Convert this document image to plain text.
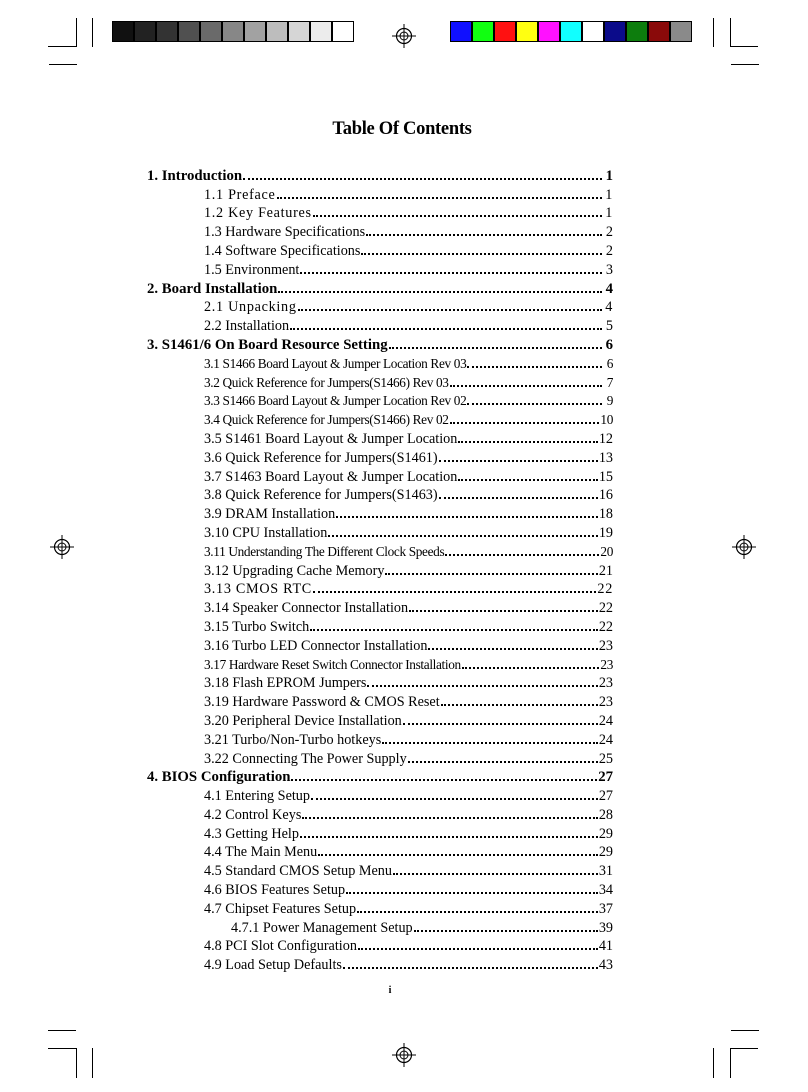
Table Of Contents
1. Introduction	1
1.1 Preface	1
1.2 Key Features	1
1.3 Hardware Specifications	2
1.4 Software Specifications	2
1.5 Environment	3
2. Board Installation	4
2.1 Unpacking	4
2.2 Installation	5
3. S1461/6 On Board Resource Setting	6
3.1 S1466 Board Layout & Jumper Location Rev 03	6
3.2 Quick Reference for Jumpers(S1466) Rev 03	7
3.3 S1466 Board Layout & Jumper Location Rev 02	9
3.4 Quick Reference for Jumpers(S1466) Rev 02	10
3.5 S1461 Board Layout & Jumper Location	12
3.6 Quick Reference for Jumpers(S1461)	13
3.7 S1463 Board Layout & Jumper Location	15
3.8 Quick Reference for Jumpers(S1463)	16
3.9 DRAM Installation	18
3.10 CPU Installation	19
3.11 Understanding The Different Clock Speeds	20
3.12 Upgrading Cache Memory	21
3.13 CMOS RTC	22
3.14 Speaker Connector Installation	22
3.15 Turbo Switch	22
3.16 Turbo LED Connector Installation	23
3.17 Hardware Reset Switch Connector Installation	23
3.18 Flash EPROM Jumpers	23
3.19 Hardware Password & CMOS Reset	23
3.20 Peripheral Device Installation	24
3.21 Turbo/Non-Turbo hotkeys	24
3.22 Connecting The Power Supply	25
4. BIOS Configuration	27
4.1 Entering Setup	27
4.2 Control Keys	28
4.3 Getting Help	29
4.4 The Main Menu	29
4.5 Standard CMOS Setup Menu	31
4.6 BIOS Features Setup	34
4.7 Chipset Features Setup	37
4.7.1 Power Management Setup	39
4.8 PCI Slot Configuration	41
4.9 Load Setup Defaults	43
i
